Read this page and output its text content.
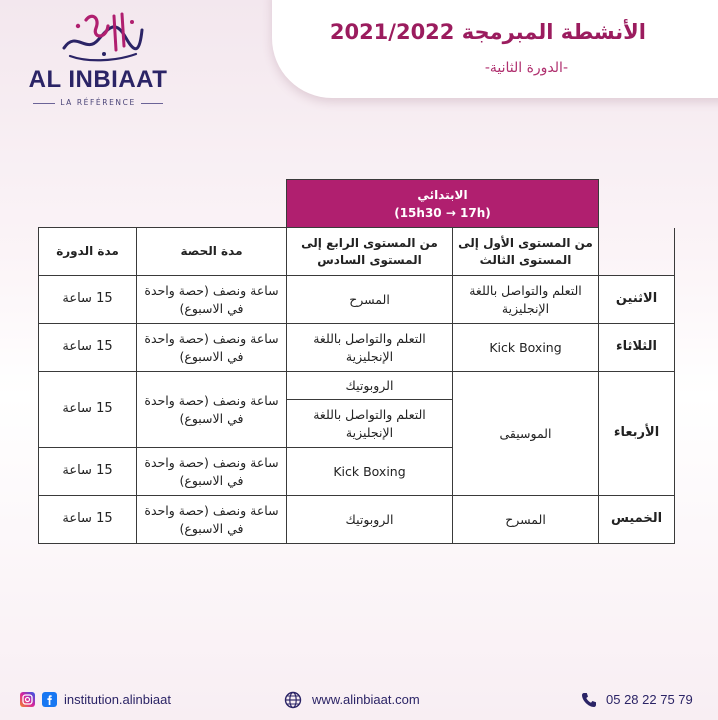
AL INBIAAT
LA RÉFÉRENCE
الأنشطة المبرمجة 2021/2022
-الدورة الثانية-

	الابتدائي
(15h30 → 17h)			

	من المستوى الأول إلى المستوى الثالث	من المستوى الرابع إلى المستوى السادس	مدة الحصة	مدة الدورة
الاثنين	التعلم والتواصل باللغة الإنجليزية	المسرح	ساعة ونصف (حصة واحدة في الاسبوع)	15 ساعة
الثلاثاء	Kick Boxing	التعلم والتواصل باللغة الإنجليزية	ساعة ونصف (حصة واحدة في الاسبوع)	15 ساعة
الأربعاء	الموسيقى	الروبوتيك	ساعة ونصف (حصة واحدة في الاسبوع)	15 ساعة
		التعلم والتواصل باللغة الإنجليزية		
		Kick Boxing	ساعة ونصف (حصة واحدة في الاسبوع)	15 ساعة
الخميس	المسرح	الروبوتيك	ساعة ونصف (حصة واحدة في الاسبوع)	15 ساعة
institution.alinbiaat	www.alinbiaat.com	05 28 22 75 79
